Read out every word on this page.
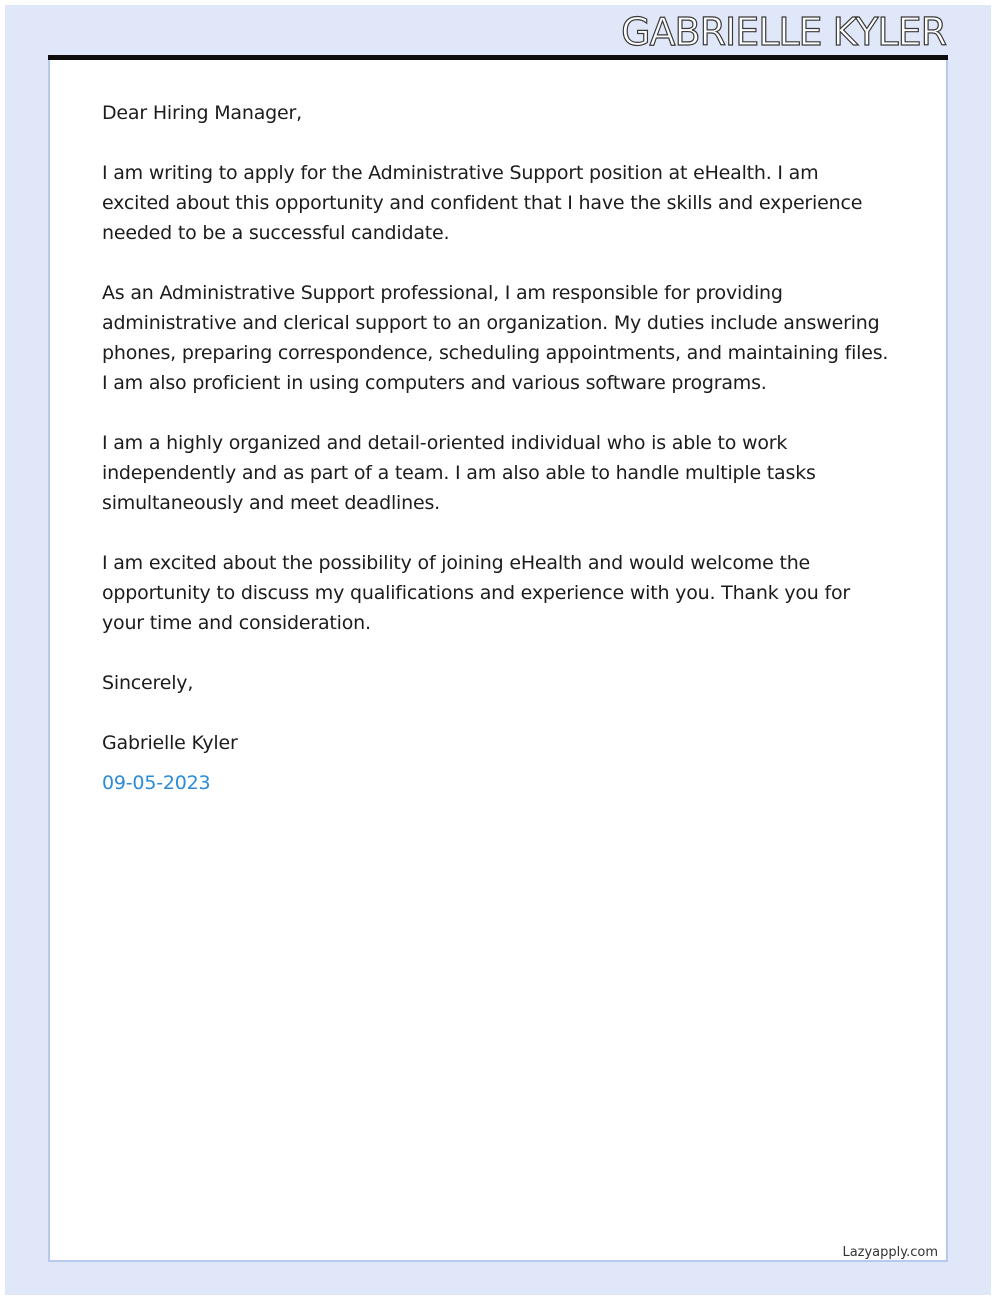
GABRIELLE KYLER

Dear Hiring Manager,

I am writing to apply for the Administrative Support position at eHealth. I am excited about this opportunity and confident that I have the skills and experience needed to be a successful candidate.

As an Administrative Support professional, I am responsible for providing administrative and clerical support to an organization. My duties include answering phones, preparing correspondence, scheduling appointments, and maintaining files. I am also proficient in using computers and various software programs.

I am a highly organized and detail-oriented individual who is able to work independently and as part of a team. I am also able to handle multiple tasks simultaneously and meet deadlines.

I am excited about the possibility of joining eHealth and would welcome the opportunity to discuss my qualifications and experience with you. Thank you for your time and consideration.

Sincerely,

Gabrielle Kyler

09-05-2023

Lazyapply.com
